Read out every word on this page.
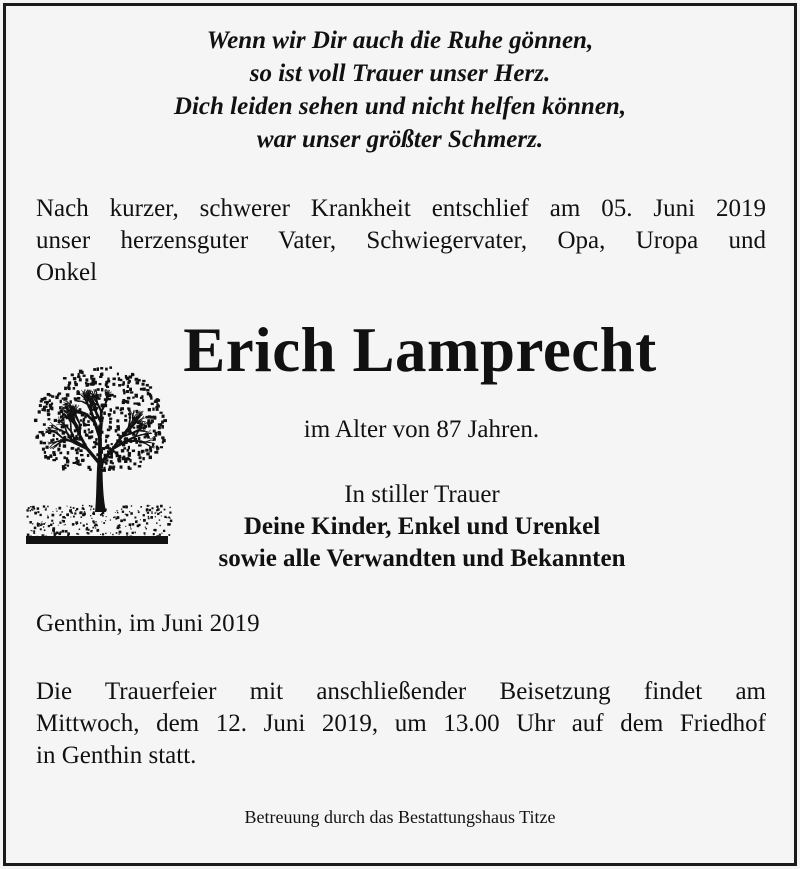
Wenn wir Dir auch die Ruhe gönnen,
so ist voll Trauer unser Herz.
Dich leiden sehen und nicht helfen können,
war unser größter Schmerz.
Nach kurzer, schwerer Krankheit entschlief am 05. Juni 2019
unser herzensguter Vater, Schwiegervater, Opa, Uropa und
Onkel
Erich Lamprecht
im Alter von 87 Jahren.
In stiller Trauer
Deine Kinder, Enkel und Urenkel
sowie alle Verwandten und Bekannten
Genthin, im Juni 2019
Die Trauerfeier mit anschließender Beisetzung findet am
Mittwoch, dem 12. Juni 2019, um 13.00 Uhr auf dem Friedhof
in Genthin statt.
Betreuung durch das Bestattungshaus Titze
